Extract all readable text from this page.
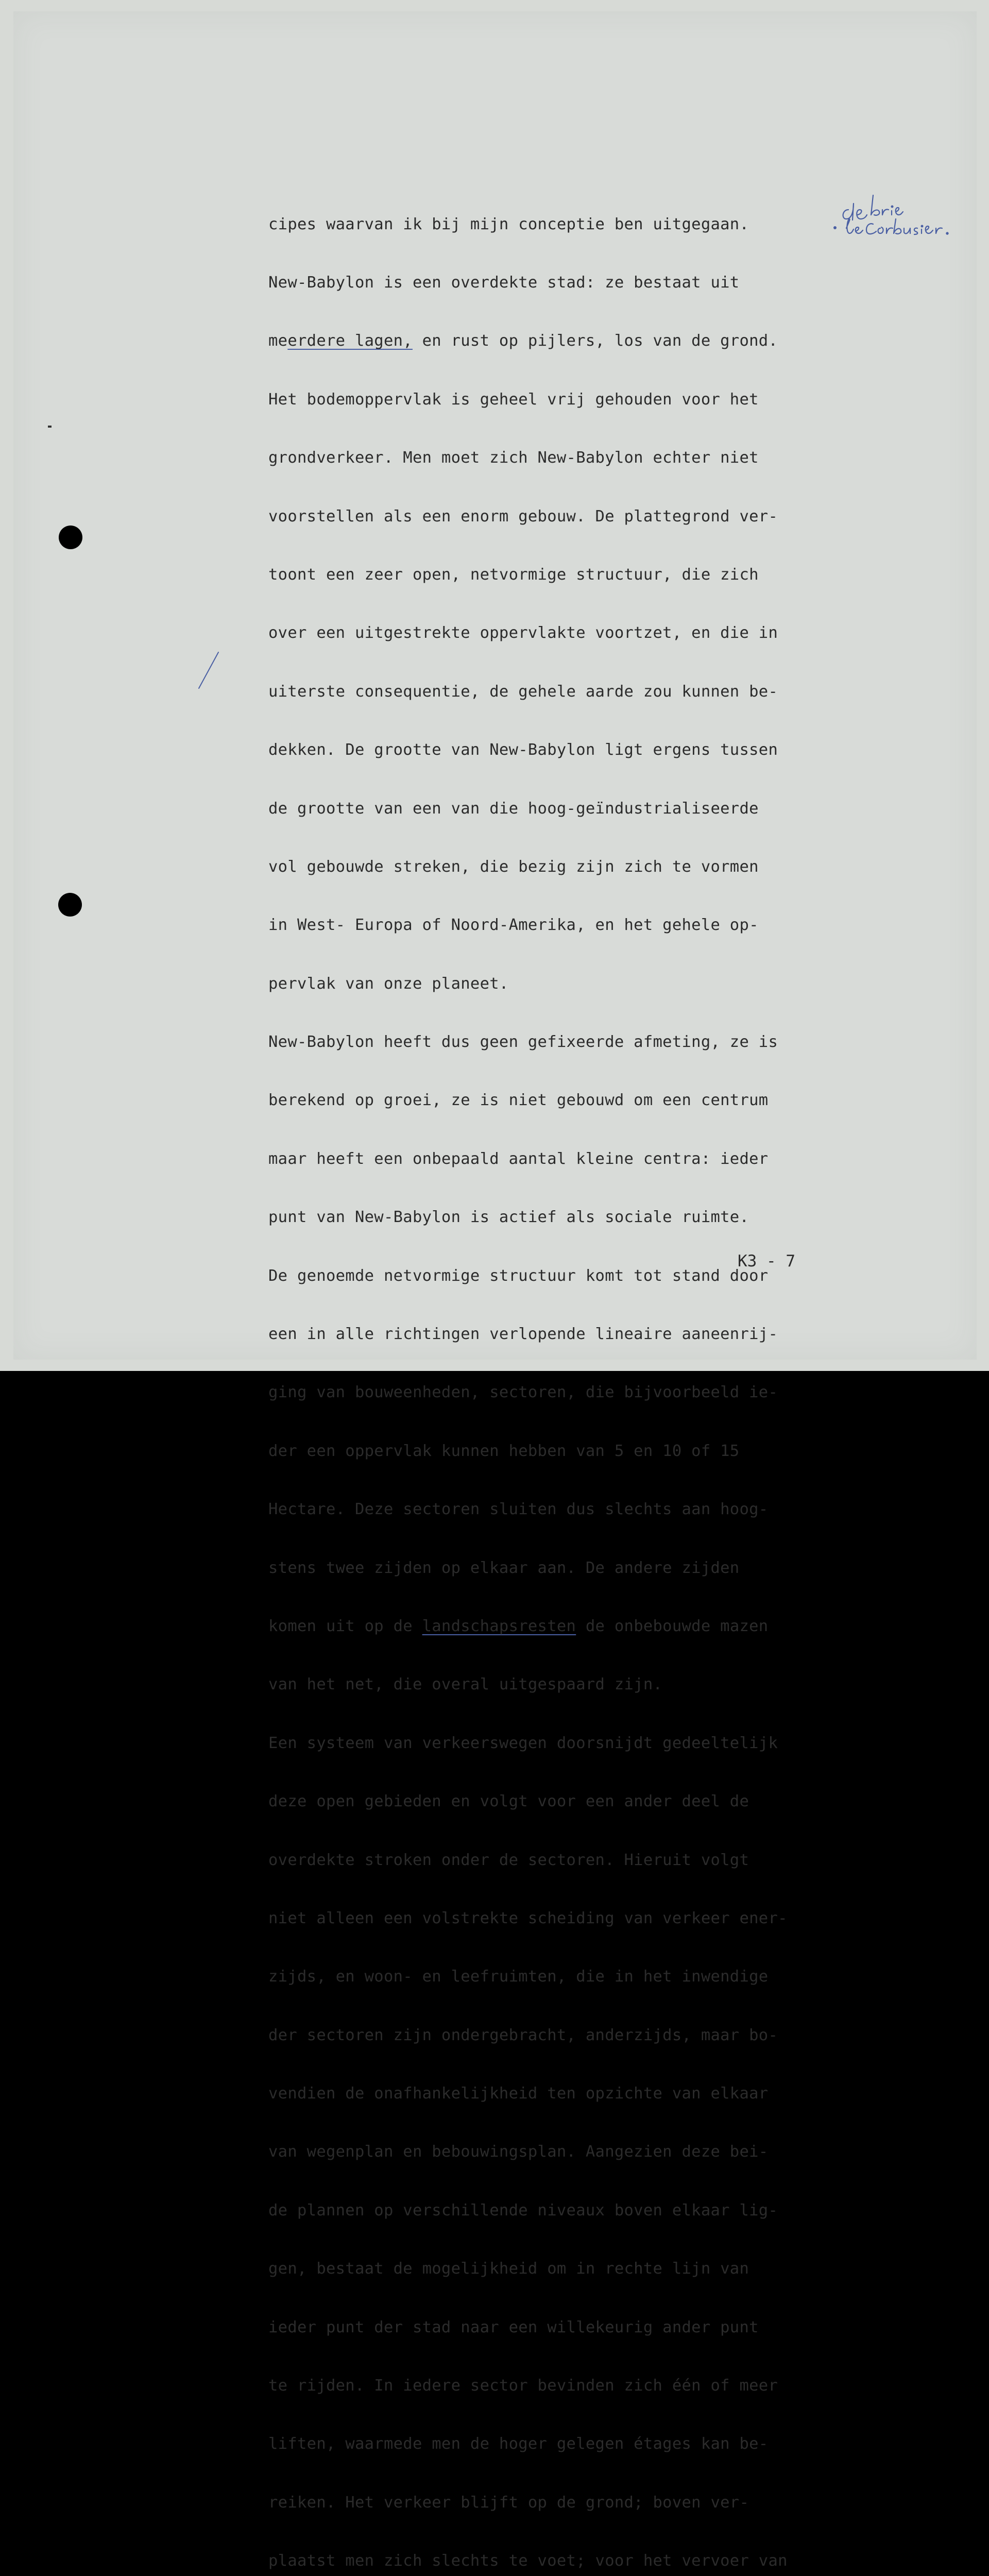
cipes waarvan ik bij mijn conceptie ben uitgegaan.

New-Babylon is een overdekte stad: ze bestaat uit

meerdere lagen, en rust op pijlers, los van de grond.

Het bodemoppervlak is geheel vrij gehouden voor het

grondverkeer. Men moet zich New-Babylon echter niet

voorstellen als een enorm gebouw. De plattegrond ver-

toont een zeer open, netvormige structuur, die zich

over een uitgestrekte oppervlakte voortzet, en die in

uiterste consequentie, de gehele aarde zou kunnen be-

dekken. De grootte van New-Babylon ligt ergens tussen

de grootte van een van die hoog-geïndustrialiseerde

vol gebouwde streken, die bezig zijn zich te vormen

in West- Europa of Noord-Amerika, en het gehele op-

pervlak van onze planeet.

New-Babylon heeft dus geen gefixeerde afmeting, ze is

berekend op groei, ze is niet gebouwd om een centrum

maar heeft een onbepaald aantal kleine centra: ieder

punt van New-Babylon is actief als sociale ruimte.

De genoemde netvormige structuur komt tot stand door

een in alle richtingen verlopende lineaire aaneenrij-

ging van bouweenheden, sectoren, die bijvoorbeeld ie-

der een oppervlak kunnen hebben van 5 en 10 of 15

Hectare. Deze sectoren sluiten dus slechts aan hoog-

stens twee zijden op elkaar aan. De andere zijden

komen uit op de landschapsresten de onbebouwde mazen

van het net, die overal uitgespaard zijn.

Een systeem van verkeerswegen doorsnijdt gedeeltelijk

deze open gebieden en volgt voor een ander deel de

overdekte stroken onder de sectoren. Hieruit volgt

niet alleen een volstrekte scheiding van verkeer ener-

zijds, en woon- en leefruimten, die in het inwendige

der sectoren zijn ondergebracht, anderzijds, maar bo-

vendien de onafhankelijkheid ten opzichte van elkaar

van wegenplan en bebouwingsplan. Aangezien deze bei-

de plannen op verschillende niveaux boven elkaar lig-

gen, bestaat de mogelijkheid om in rechte lijn van

ieder punt der stad naar een willekeurig ander punt

te rijden. In iedere sector bevinden zich één of meer

liften, waarmede men de hoger gelegen étages kan be-

reiken. Het verkeer blijft op de grond; boven ver-

plaatst men zich slechts te voet; voor het vervoer van

K3 - 7
